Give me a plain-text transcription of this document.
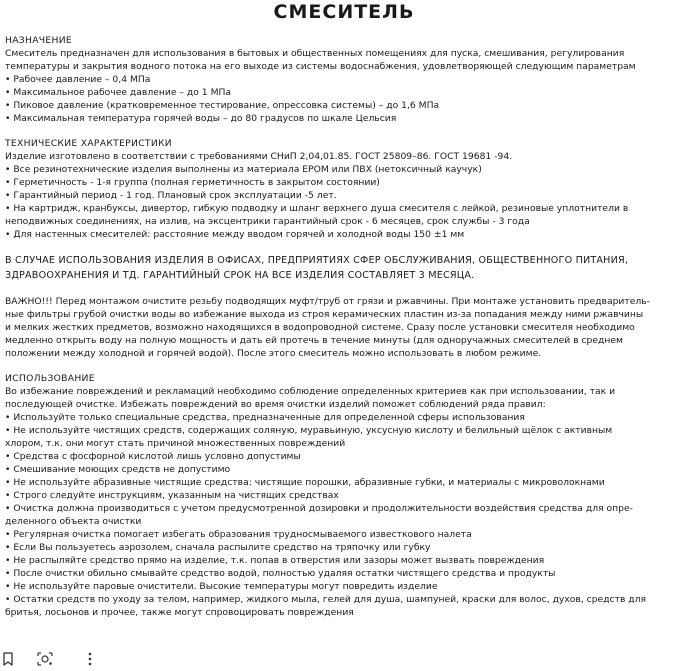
СМЕСИТЕЛЬ

НАЗНАЧЕНИЕ

Смеситель предназначен для использования в бытовых и общественных помещениях для пуска, смешивания, регулирования

температуры и закрытия водного потока на его выходе из системы водоснабжения, удовлетворяющей следующим параметрам

• Рабочее давление – 0,4 МПа

• Максимальное рабочее давление – до 1 МПа

• Пиковое давление (кратковременное тестирование, опрессовка системы) – до 1,6 МПа

• Максимальная температура горячей воды – до 80 градусов по шкале Цельсия

ТЕХНИЧЕСКИЕ ХАРАКТЕРИСТИКИ

Изделие изготовлено в соответствии с требованиями СНиП 2,04,01.85. ГОСТ 25809–86. ГОСТ 19681 -94.

• Все резинотехнические изделия выполнены из материала EPOM или ПВХ (нетоксичный каучук)

• Герметичность - 1-я группа (полная герметичность в закрытом состоянии)

• Гарантийный период - 1 год. Плановый срок эксплуатации -5 лет.

• На картридж, кранбуксы, дивертор, гибкую подводку и шланг верхнего душа смесителя с лейкой, резиновые уплотнители в

неподвижных соединениях, на излив, на эксцентрики гарантийный срок - 6 месяцев, срок службы - 3 года

• Для настенных смесителей: расстояние между вводом горячей и холодной воды 150 ±1 мм

В СЛУЧАЕ ИСПОЛЬЗОВАНИЯ ИЗДЕЛИЯ В ОФИСАХ, ПРЕДПРИЯТИЯХ СФЕР ОБСЛУЖИВАНИЯ, ОБЩЕСТВЕННОГО ПИТАНИЯ,

ЗДРАВООХРАНЕНИЯ И ТД. ГАРАНТИЙНЫЙ СРОК НА ВСЕ ИЗДЕЛИЯ СОСТАВЛЯЕТ 3 МЕСЯЦА.

ВАЖНО!!! Перед монтажом очистите резьбу подводящих муфт/труб от грязи и ржавчины. При монтаже установить предваритель-

ные фильтры грубой очистки воды во избежание выхода из строя керамических пластин из-за попадания между ними ржавчины

и мелких жестких предметов, возможно находящихся в водопроводной системе. Сразу после установки смесителя необходимо

медленно открыть воду на полную мощность и дать ей протечь в течение минуты (для одноручажных смесителей в среднем

положении между холодной и горячей водой). После этого смеситель можно использовать в любом режиме.

ИСПОЛЬЗОВАНИЕ

Во избежание повреждений и рекламаций необходимо соблюдение определенных критериев как при использовании, так и

последующей очистке. Избежать повреждений во время очистки изделий поможет соблюдений ряда правил:

• Используйте только специальные средства, предназначенные для определенной сферы использования

• Не используйте чистящих средств, содержащих соляную, муравьиную, уксусную кислоту и бeлильный щёлок с активным

хлором, т.к. они могут стать причиной множественных повреждений

• Средства с фосфорной кислотой лишь условно допустимы

• Смешивание моющих средств не допустимо

• Не используйте абразивные чистящие средства: чистящие порошки, абразивные губки, и материалы с микроволокнами

• Строго следуйте инструкциям, указанным на чистящих средствах

• Очистка должна производиться с учетом предусмотренной дозировки и продолжительности воздействия средства для опре-

деленного объекта очистки

• Регулярная очистка помогает избегать образования трудносмываемого известкового налета

• Если Вы пользуетесь аэрозолем, сначала распылите средство на тряпочку или губку

• Не распыляйте средство прямо на изделие, т.к. попав в отверстия или зазоры может вызвать повреждения

• После очистки обильно смывайте средство водой, полностью удаляя остатки чистящего средства и продукты

• Не используйте паровые очистители. Высокие температуры могут повредить изделие

• Остатки средств по уходу за телом, например, жидкого мыла, гелей для душа, шампуней, краски для волос, духов, средств для

бритья, лосьонов и прочее, также могут спровоцировать повреждения
